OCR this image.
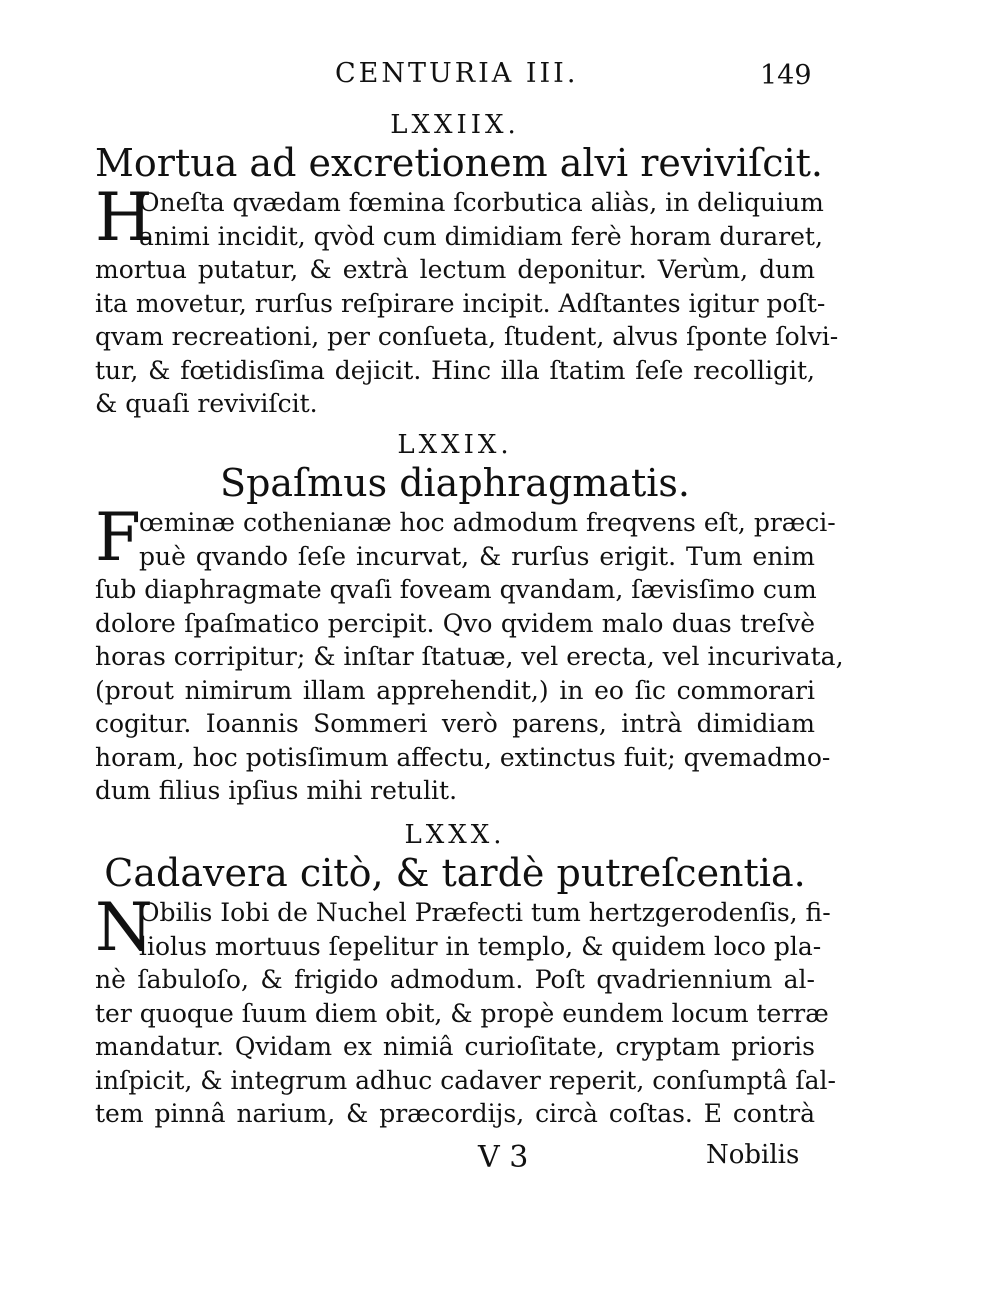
CENTURIA III.	149

LXXIIX.

Mortua ad excretionem alvi reviviſcit.

H
Oneſta qvædam fœmina ſcorbutica aliàs, in deliquium
animi incidit, qvòd cum dimidiam ferè horam duraret,
mortua putatur, & extrà lectum deponitur. Verùm, dum
ita movetur, rurſus reſpirare incipit. Adſtantes igitur poſt-
qvam recreationi, per conſueta, ſtudent, alvus ſponte ſolvi-
tur, & fœtidisſima dejicit. Hinc illa ſtatim ſeſe recolligit,
& quaſi reviviſcit.

LXXIX.

Spaſmus diaphragmatis.

F
œminæ cothenianæ hoc admodum freqvens eſt, præci-
puè qvando ſeſe incurvat, & rurſus erigit. Tum enim
ſub diaphragmate qvaſi foveam qvandam, ſævisſimo cum
dolore ſpaſmatico percipit. Qvo qvidem malo duas treſvè
horas corripitur; & inſtar ſtatuæ, vel erecta, vel incurivata,
(prout nimirum illam apprehendit,) in eo ſic commorari
cogitur. Ioannis Sommeri verò parens, intrà dimidiam
horam, hoc potisſimum affectu, extinctus fuit; qvemadmo-
dum filius ipſius mihi retulit.

LXXX.

Cadavera citò, & tardè putreſcentia.

N
Obilis Iobi de Nuchel Præfecti tum hertzgerodenſis, fi-
liolus mortuus ſepelitur in templo, & quidem loco pla-
nè ſabuloſo, & frigido admodum. Poſt qvadriennium al-
ter quoque ſuum diem obit, & propè eundem locum terræ
mandatur. Qvidam ex nimiâ curioſitate, cryptam prioris
inſpicit, & integrum adhuc cadaver reperit, conſumptâ ſal-
tem pinnâ narium, & præcordijs, circà coſtas. E contrà
V 3	Nobilis
